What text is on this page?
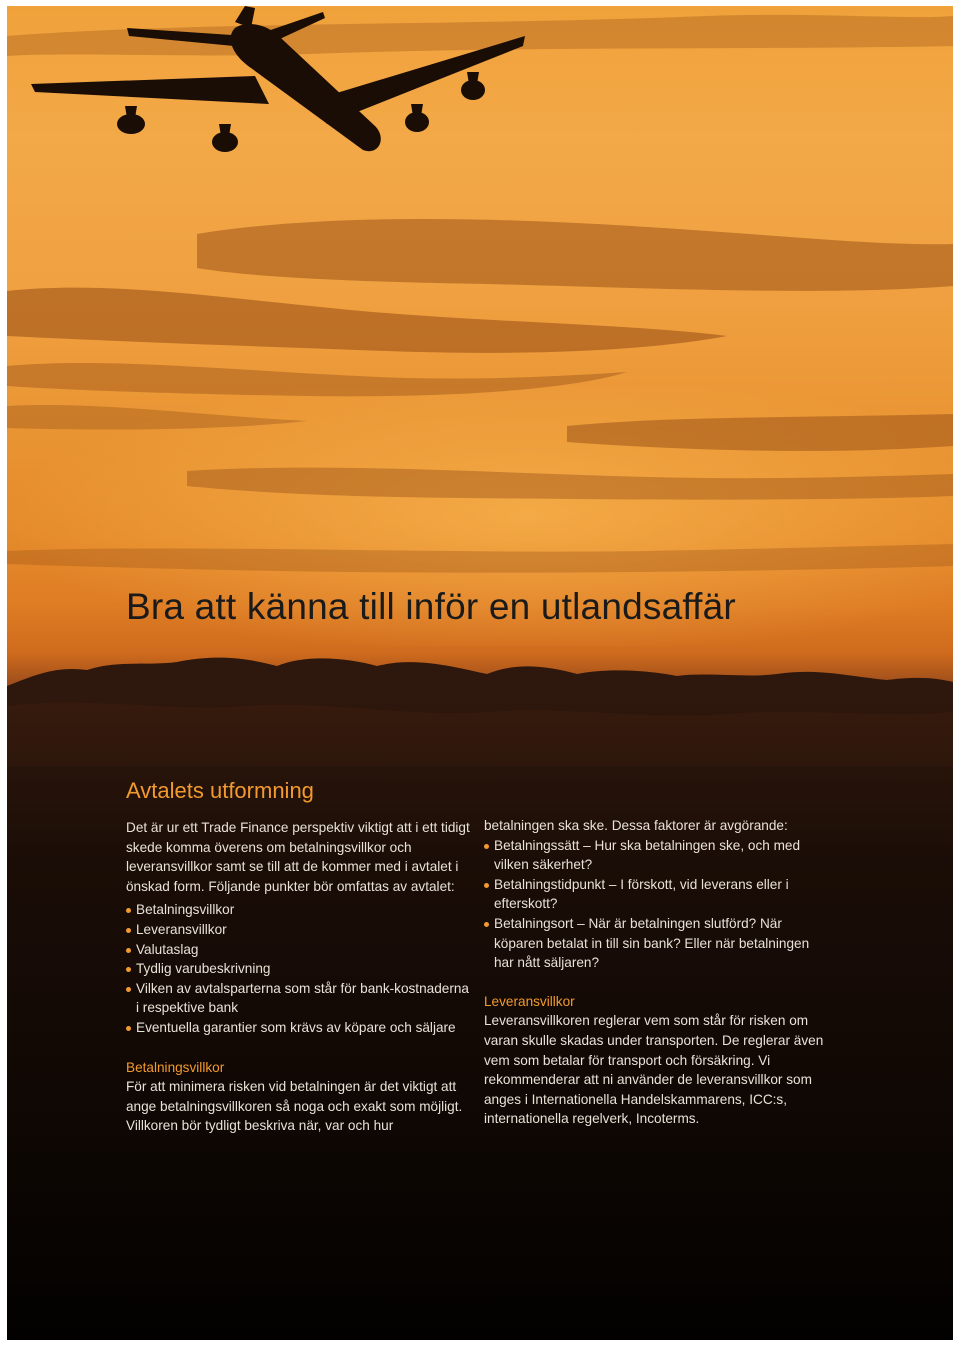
Bra att känna till inför en utlandsaffär
Avtalets utformning

Det är ur ett Trade Finance perspektiv viktigt att i ett tidigt skede komma överens om betalningsvillkor och leveransvillkor samt se till att de kommer med i avtalet i önskad form. Följande punkter bör omfattas av avtalet:

Betalningsvillkor
Leveransvillkor
Valutaslag
Tydlig varubeskrivning
Vilken av avtalsparterna som står för bank-kostnaderna i respektive bank
Eventuella garantier som krävs av köpare och säljare
Betalningsvillkor

För att minimera risken vid betalningen är det viktigt att ange betalningsvillkoren så noga och exakt som möjligt. Villkoren bör tydligt beskriva när, var och hur

betalningen ska ske. Dessa faktorer är avgörande:

Betalningssätt – Hur ska betalningen ske, och med vilken säkerhet?
Betalningstidpunkt – I förskott, vid leverans eller i efterskott?
Betalningsort – När är betalningen slutförd? När köparen betalat in till sin bank? Eller när betalningen har nått säljaren?
Leveransvillkor

Leveransvillkoren reglerar vem som står för risken om varan skulle skadas under transporten. De reglerar även vem som betalar för transport och försäkring. Vi rekommenderar att ni använder de leveransvillkor som anges i Internationella Handelskammarens, ICC:s, internationella regelverk, Incoterms.
